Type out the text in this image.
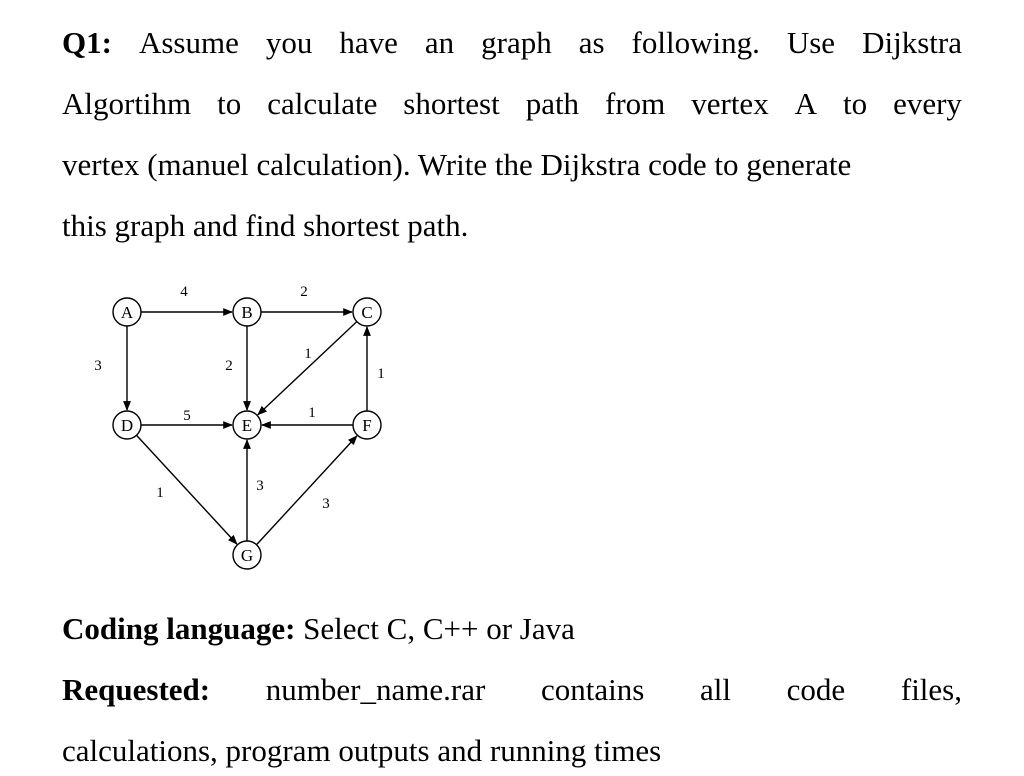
Q1: Assume you have an graph as following. Use Dijkstra
Algortihm to calculate shortest path from vertex A to every
vertex (manuel calculation). Write the Dijkstra code to generate
this graph and find shortest path.
4	2
3	2
1
1
5	1
1	3
3
A	B	C
D	E	F
G
Coding language: Select C, C++ or Java
Requested: number_name.rar contains all code files,
calculations, program outputs and running times
